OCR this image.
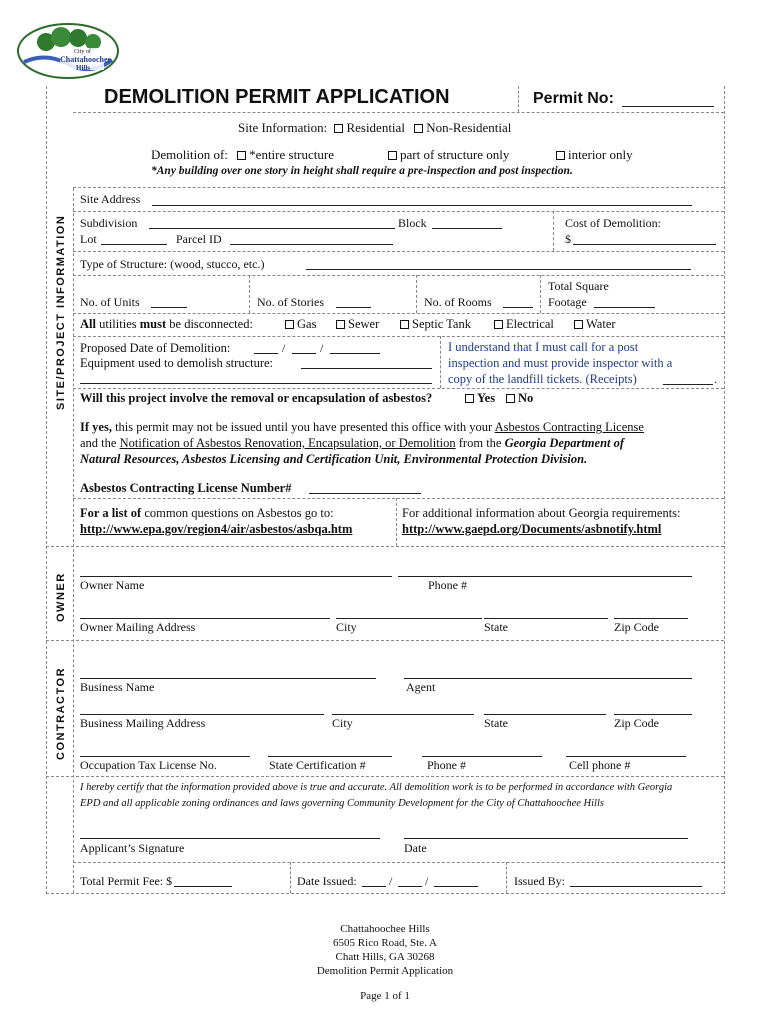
City of
Chattahoochee
Hills
SITE/PROJECT INFORMATION
OWNER
CONTRACTOR
DEMOLITION PERMIT APPLICATION	Permit No:
Site Information: Residential Non-Residential
Demolition of: *entire structure	part of structure only	interior only
*Any building over one story in height shall require a pre-inspection and post inspection.
Site Address
Subdivision	Block
Lot	Parcel ID
Cost of Demolition:
$
Type of Structure: (wood, stucco, etc.)
No. of Units	No. of Stories	No. of Rooms
Total Square
Footage
All utilities must be disconnected:	Gas	Sewer	Septic Tank	Electrical	Water
Proposed Date of Demolition:	/	/
Equipment used to demolish structure:
I understand that I must call for a post
inspection and must provide inspector with a
copy of the landfill tickets. (Receipts)	.
Will this project involve the removal or encapsulation of asbestos?	Yes	No
If yes, this permit may not be issued until you have presented this office with your Asbestos Contracting License
and the Notification of Asbestos Renovation, Encapsulation, or Demolition from the Georgia Department of
Natural Resources, Asbestos Licensing and Certification Unit, Environmental Protection Division.
Asbestos Contracting License Number#
For a list of common questions on Asbestos go to:
http://www.epa.gov/region4/air/asbestos/asbqa.htm
For additional information about Georgia requirements:
http://www.gaepd.org/Documents/asbnotify.html
Owner Name	Phone #
Owner Mailing Address	City	State	Zip Code
Business Name	Agent
Business Mailing Address	City	State	Zip Code
Occupation Tax License No.	State Certification #	Phone #	Cell phone #
I hereby certify that the information provided above is true and accurate. All demolition work is to be performed in accordance with Georgia
EPD and all applicable zoning ordinances and laws governing Community Development for the City of Chattahoochee Hills
Applicant’s Signature	Date
Total Permit Fee: $	Date Issued:	/	/	Issued By:
Chattahoochee Hills
6505 Rico Road, Ste. A
Chatt Hills, GA 30268
Demolition Permit Application
Page 1 of 1
